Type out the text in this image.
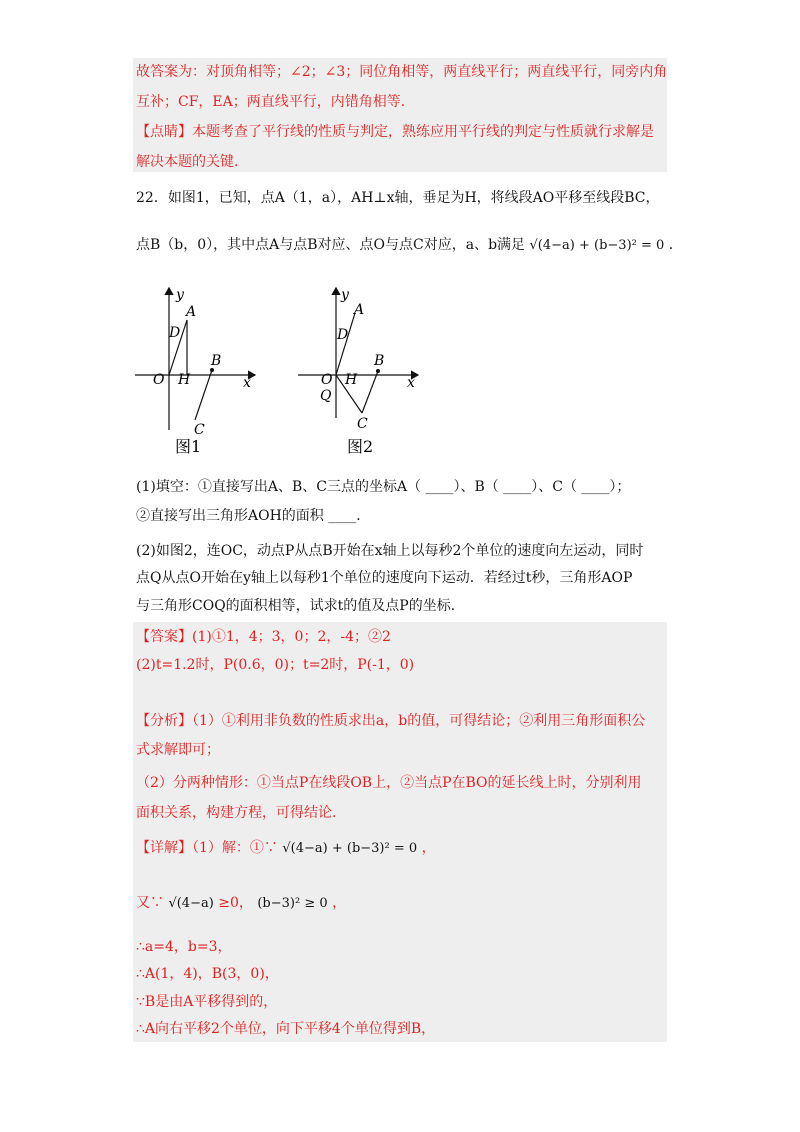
故答案为：对顶角相等；∠2；∠3；同位角相等，两直线平行；两直线平行，同旁内角
互补；CF，EA；两直线平行，内错角相等．
【点睛】本题考查了平行线的性质与判定，熟练应用平行线的判定与性质就行求解是
解决本题的关键．
22．如图1，已知，点A（1，a），AH⊥x轴，垂足为H，将线段AO平移至线段BC，
点B（b，0），其中点A与点B对应、点O与点C对应，a、b满足 √(4−a) + (b−3)² = 0 ．
y
A
D
B
O H	x
C
图1
y
A
D
B
O H	x
Q
C
图2
(1)填空：①直接写出A、B、C三点的坐标A（ ____）、B（ ____）、C（ ____）；
②直接写出三角形AOH的面积 ____．
(2)如图2，连OC，动点P从点B开始在x轴上以每秒2个单位的速度向左运动，同时
点Q从点O开始在y轴上以每秒1个单位的速度向下运动．若经过t秒，三角形AOP
与三角形COQ的面积相等，试求t的值及点P的坐标．
【答案】(1)①1，4；3，0；2，-4；②2
(2)t=1.2时，P(0.6，0)；t=2时，P(-1，0)
【分析】（1）①利用非负数的性质求出a，b的值，可得结论；②利用三角形面积公
式求解即可；
（2）分两种情形：①当点P在线段OB上，②当点P在BO的延长线上时，分别利用
面积关系，构建方程，可得结论．
【详解】（1）解：①∵ √(4−a) + (b−3)² = 0 ，
又∵ √(4−a) ≥0， (b−3)² ≥ 0 ，
∴a=4，b=3，
∴A(1，4)，B(3，0)，
∵B是由A平移得到的，
∴A向右平移2个单位，向下平移4个单位得到B，
